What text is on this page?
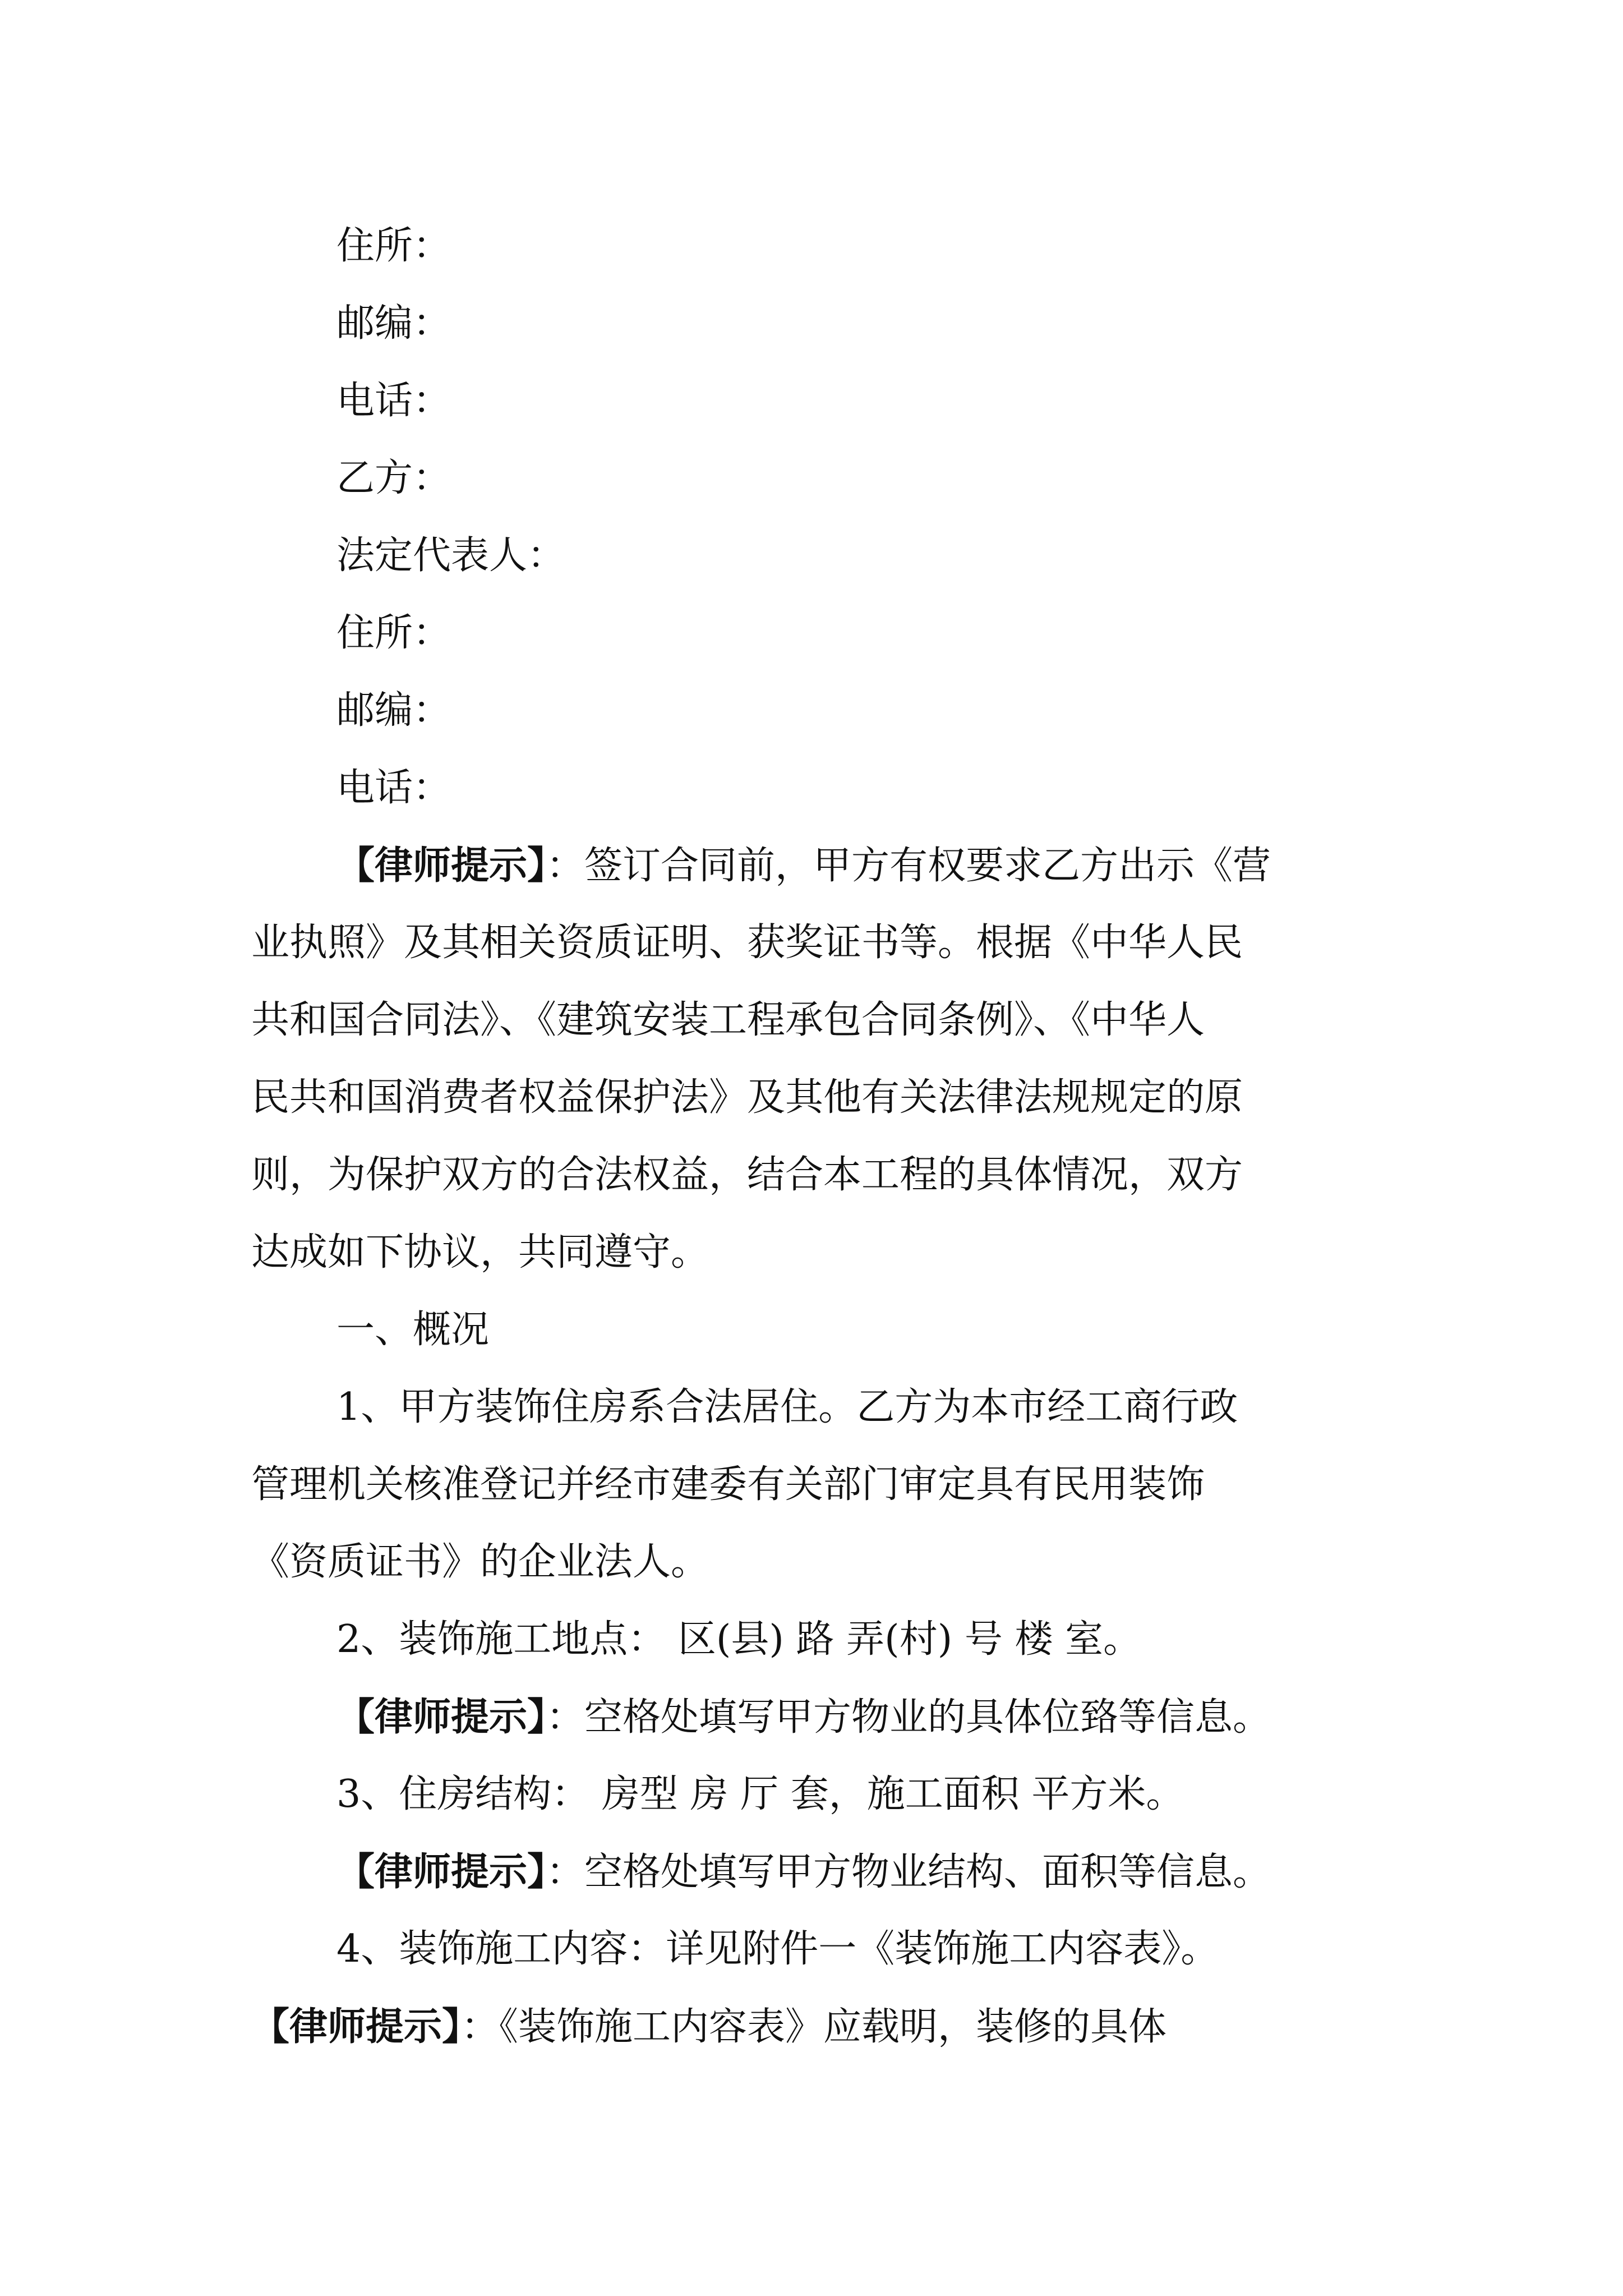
住所：
邮编：
电话：
乙方：
法定代表人：
住所：
邮编：
电话：
【律师提示】：签订合同前，甲方有权要求乙方出示《营
业执照》及其相关资质证明、获奖证书等。根据《中华人民
共和国合同法》、《建筑安装工程承包合同条例》、《中华人
民共和国消费者权益保护法》及其他有关法律法规规定的原
则，为保护双方的合法权益，结合本工程的具体情况，双方
达成如下协议，共同遵守。
一、概况
1、甲方装饰住房系合法居住。乙方为本市经工商行政
管理机关核准登记并经市建委有关部门审定具有民用装饰
《资质证书》的企业法人。
2、装饰施工地点： 区(县) 路 弄(村) 号 楼 室。
【律师提示】：空格处填写甲方物业的具体位臵等信息。
3、住房结构： 房型 房 厅 套，施工面积 平方米。
【律师提示】：空格处填写甲方物业结构、面积等信息。
4、装饰施工内容：详见附件一《装饰施工内容表》。
【律师提示】：《装饰施工内容表》应载明，装修的具体
